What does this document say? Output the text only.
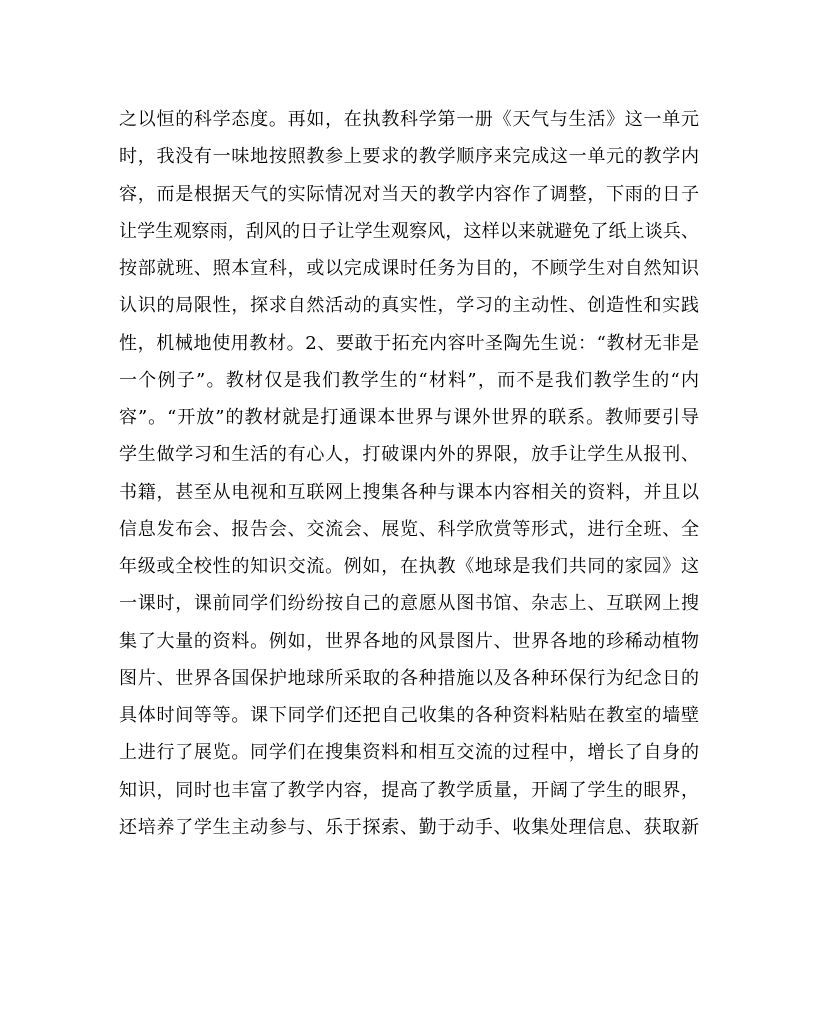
之以恒的科学态度。再如，在执教科学第一册《天气与生活》这一单元
时，我没有一味地按照教参上要求的教学顺序来完成这一单元的教学内
容，而是根据天气的实际情况对当天的教学内容作了调整，下雨的日子
让学生观察雨，刮风的日子让学生观察风，这样以来就避免了纸上谈兵、
按部就班、照本宣科，或以完成课时任务为目的，不顾学生对自然知识
认识的局限性，探求自然活动的真实性，学习的主动性、创造性和实践
性，机械地使用教材。2、要敢于拓充内容叶圣陶先生说：“教材无非是
一个例子”。教材仅是我们教学生的“材料”，而不是我们教学生的“内
容”。“开放”的教材就是打通课本世界与课外世界的联系。教师要引导
学生做学习和生活的有心人，打破课内外的界限，放手让学生从报刊、
书籍，甚至从电视和互联网上搜集各种与课本内容相关的资料，并且以
信息发布会、报告会、交流会、展览、科学欣赏等形式，进行全班、全
年级或全校性的知识交流。例如，在执教《地球是我们共同的家园》这
一课时，课前同学们纷纷按自己的意愿从图书馆、杂志上、互联网上搜
集了大量的资料。例如，世界各地的风景图片、世界各地的珍稀动植物
图片、世界各国保护地球所采取的各种措施以及各种环保行为纪念日的
具体时间等等。课下同学们还把自己收集的各种资料粘贴在教室的墙壁
上进行了展览。同学们在搜集资料和相互交流的过程中，增长了自身的
知识，同时也丰富了教学内容，提高了教学质量，开阔了学生的眼界，
还培养了学生主动参与、乐于探索、勤于动手、收集处理信息、获取新
